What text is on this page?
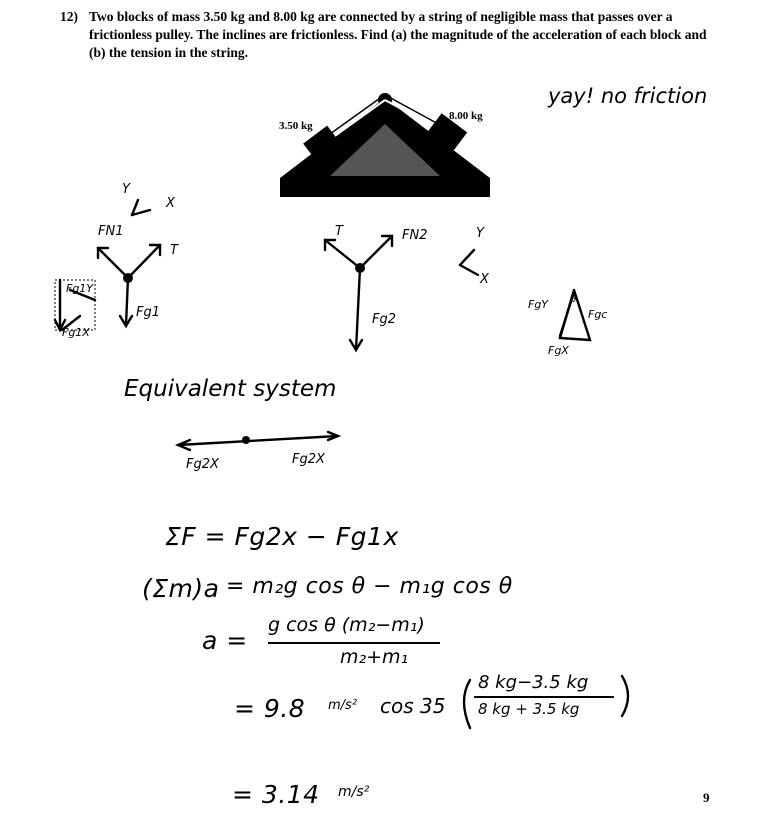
12) Two blocks of mass 3.50 kg and 8.00 kg are connected by a string of negligible mass that passes over a frictionless pulley. The inclines are frictionless. Find (a) the magnitude of the acceleration of each block and (b) the tension in the string.
3.50 kg
8.00 kg
yay! no friction
Y
X
FN1
T
Fg1
Fg1Y
Fg1X
T	FN2	Y
X
Fg2
FgY
Fgc
FgX
θ
Equivalent system
Fg2X	Fg2X
ΣF = Fg2x − Fg1x
(Σm)a = m₂g cos θ − m₁g cos θ
a =
g cos θ (m₂−m₁)
m₂+m₁
= 9.8 m/s² cos 35
8 kg−3.5 kg
8 kg + 3.5 kg
= 3.14 m/s²	9
